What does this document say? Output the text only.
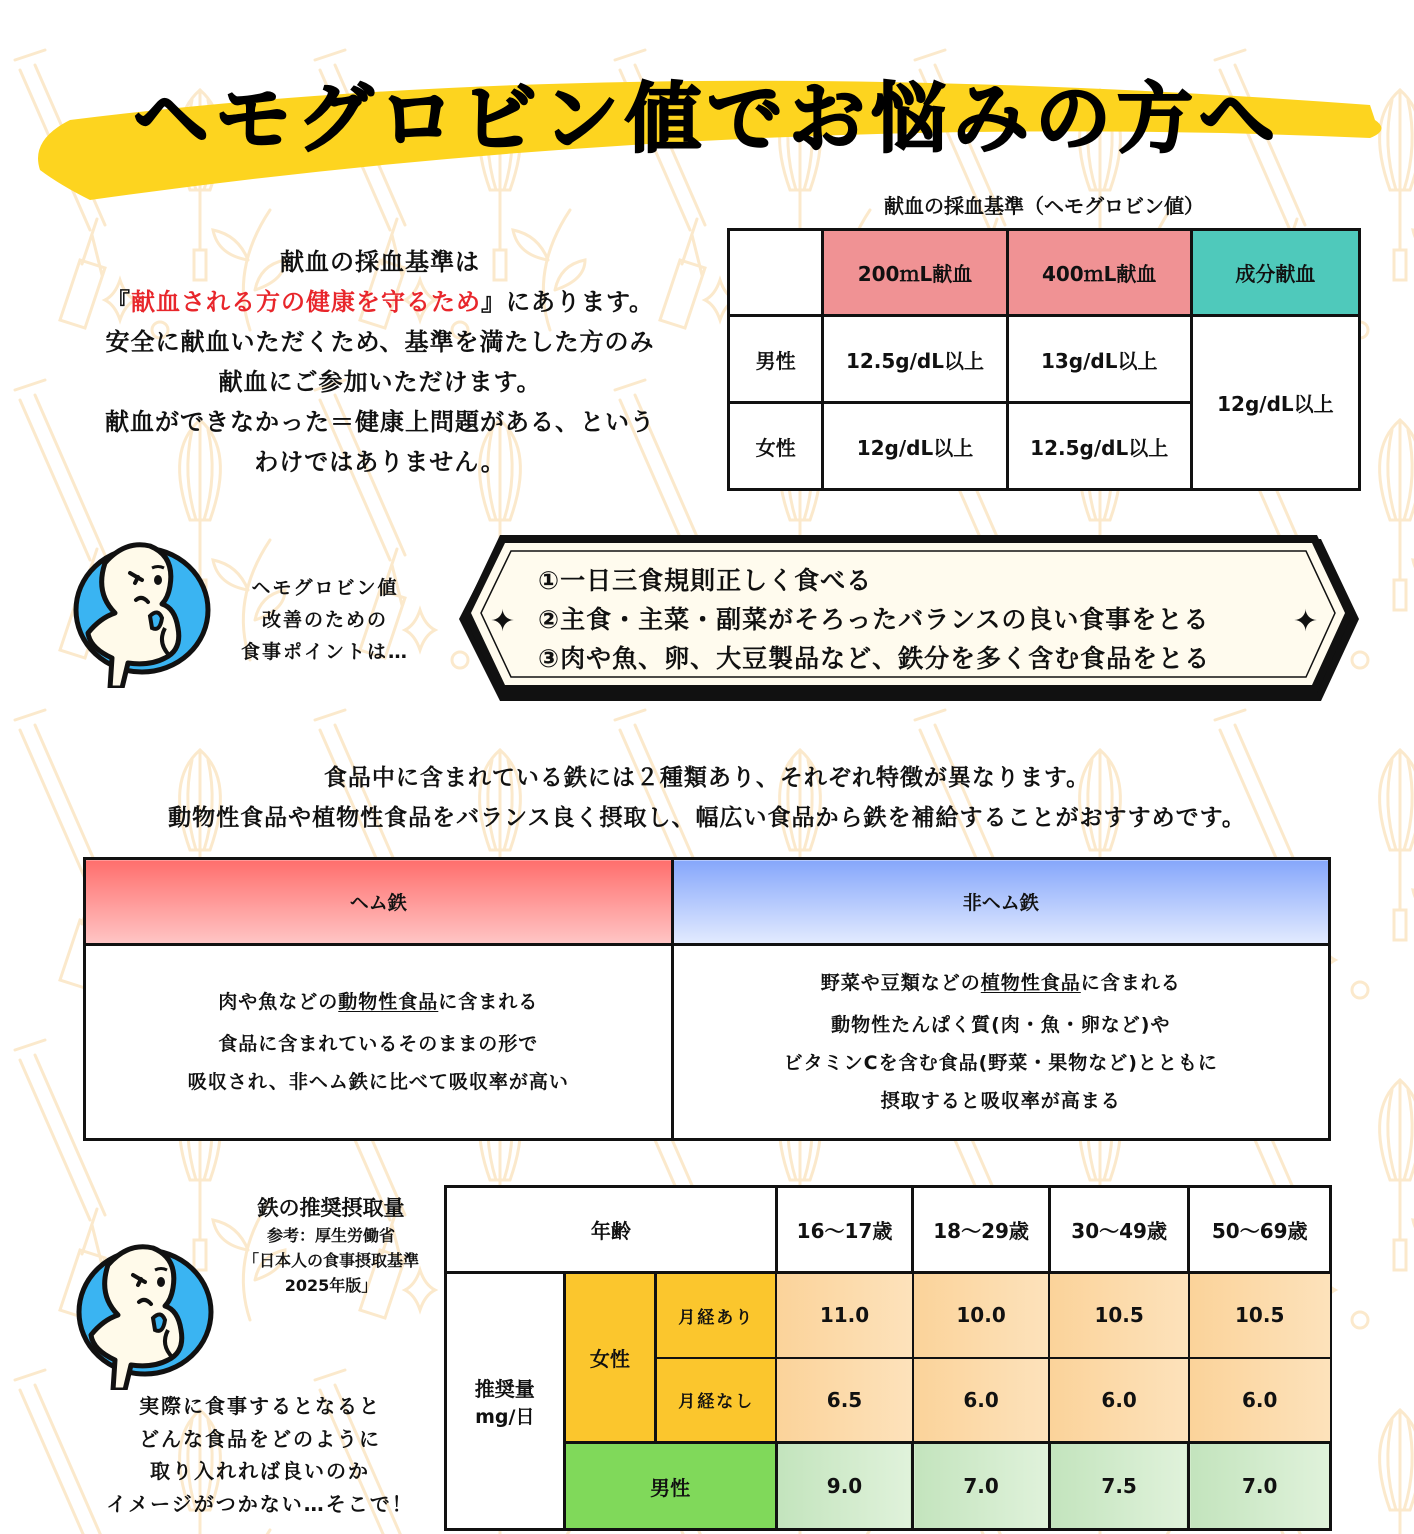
ヘモグロビン値でお悩みの方へ
献血の採血基準は
『献血される方の健康を守るため』にあります。
安全に献血いただくため、基準を満たした方のみ
献血にご参加いただけます。
献血ができなかった＝健康上問題がある、という
わけではありません。
献血の採血基準（ヘモグロビン値）
	200ｍL献血	400ｍL献血	成分献血
男性	12.5g/dL以上	13g/dL以上	12g/dL以上
女性	12g/dL以上	12.5g/dL以上	
ヘモグロビン値
改善のための
食事ポイントは…
✦	✦
①一日三食規則正しく食べる
②主食・主菜・副菜がそろったバランスの良い食事をとる
③肉や魚、卵、大豆製品など、鉄分を多く含む食品をとる
食品中に含まれている鉄には２種類あり、それぞれ特徴が異なります。
動物性食品や植物性食品をバランス良く摂取し、幅広い食品から鉄を補給することがおすすめです。
ヘム鉄	非ヘム鉄

肉や魚などの動物性食品に含まれる

食品に含まれているそのままの形で

吸収され、非ヘム鉄に比べて吸収率が高い

野菜や豆類などの植物性食品に含まれる

動物性たんぱく質(肉・魚・卵など)や

ビタミンCを含む食品(野菜・果物など)とともに

摂取すると吸収率が高まる

鉄の推奨摂取量
参考：厚生労働省
「日本人の食事摂取基準
2025年版」
実際に食事するとなると
どんな食品をどのように
取り入れれば良いのか
イメージがつかない…そこで！
年齢			16～17歳	18～29歳	30～49歳	50～69歳

推奨量
mg/日	女性	月経あり	11.0	10.0	10.5	10.5
		月経なし	6.5	6.0	6.0	6.0
	男性		9.0	7.0	7.5	7.0
